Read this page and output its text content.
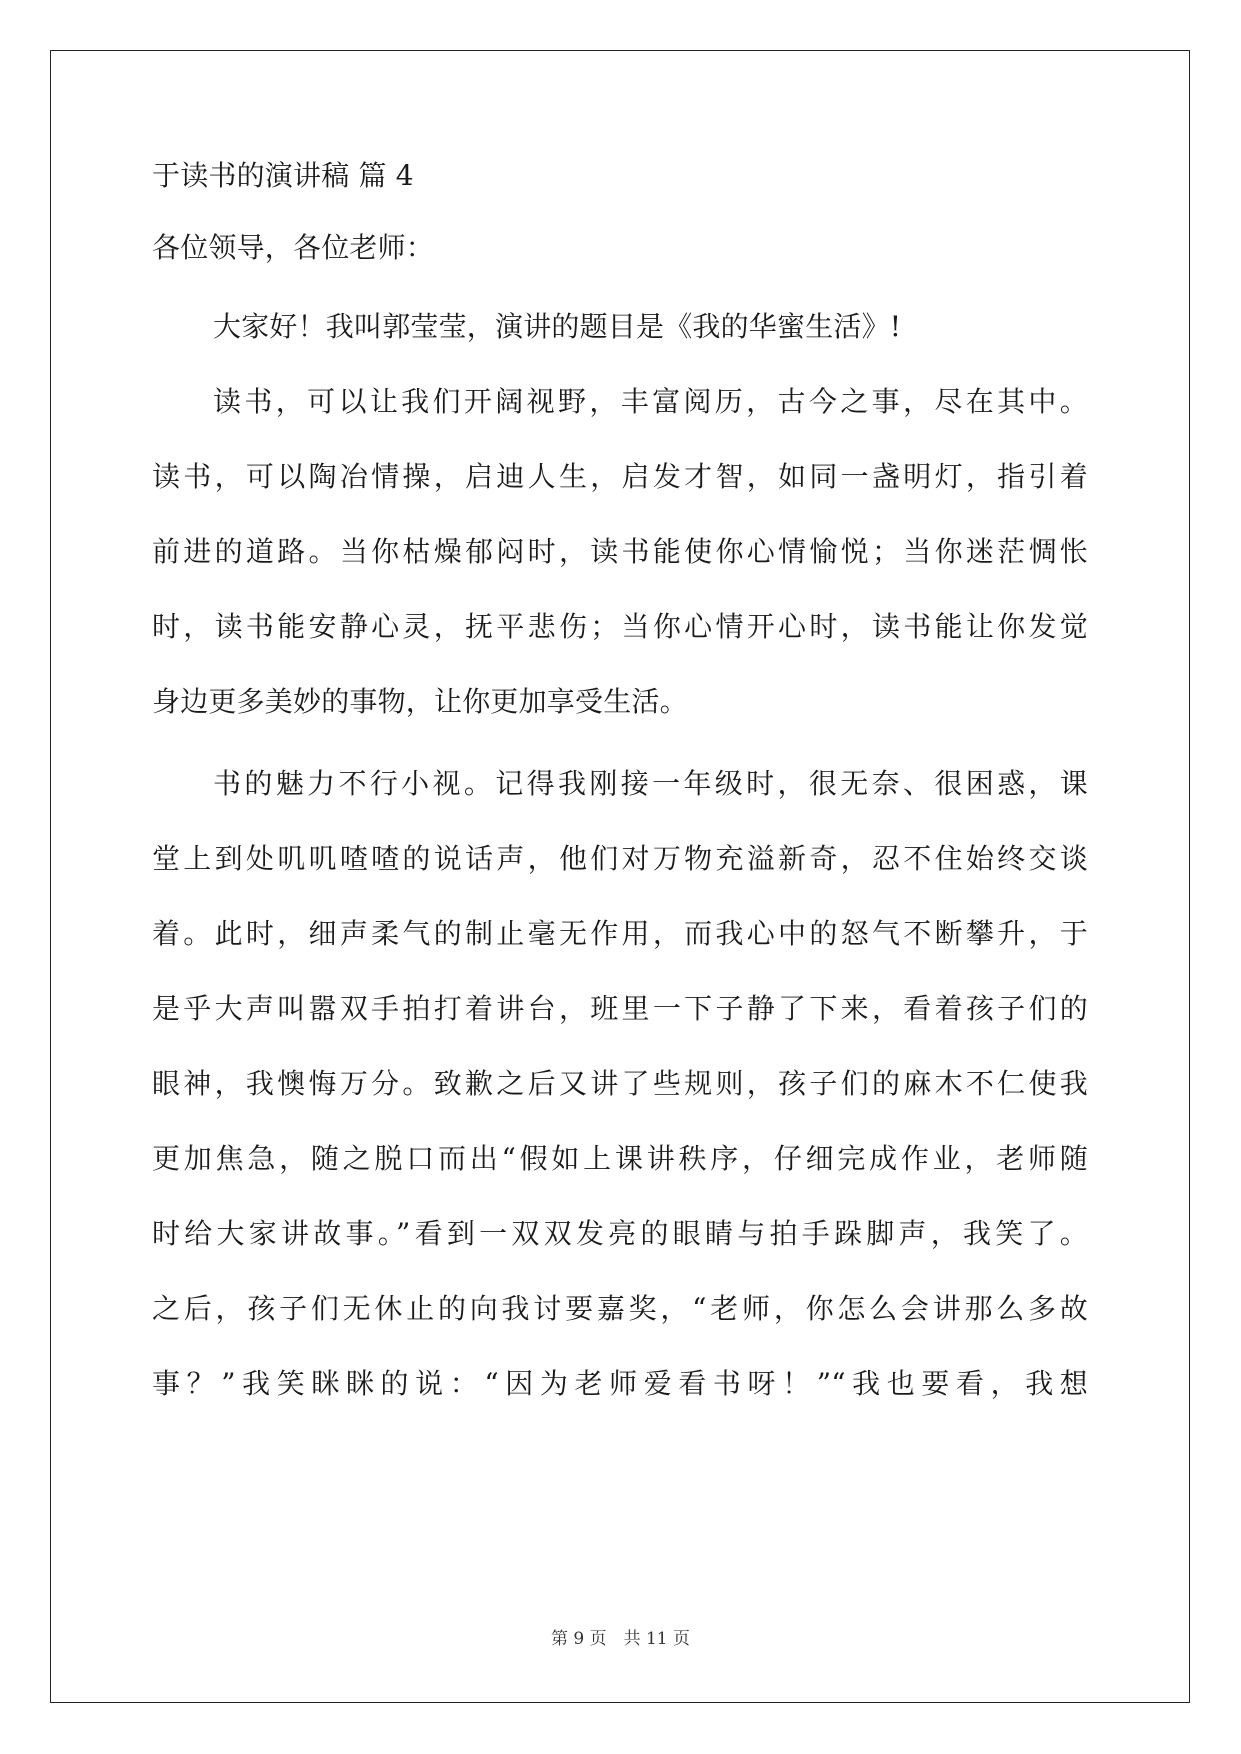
于读书的演讲稿 篇 4
各位领导，各位老师：
大家好！我叫郭莹莹，演讲的题目是《我的华蜜生活》!
读书，可以让我们开阔视野，丰富阅历，古今之事，尽在其中。
读书，可以陶冶情操，启迪人生，启发才智，如同一盏明灯，指引着
前进的道路。当你枯燥郁闷时，读书能使你心情愉悦；当你迷茫惆怅
时，读书能安静心灵，抚平悲伤；当你心情开心时，读书能让你发觉
身边更多美妙的事物，让你更加享受生活。
书的魅力不行小视。记得我刚接一年级时，很无奈、很困惑，课
堂上到处叽叽喳喳的说话声，他们对万物充溢新奇，忍不住始终交谈
着。此时，细声柔气的制止毫无作用，而我心中的怒气不断攀升，于
是乎大声叫嚣双手拍打着讲台，班里一下子静了下来，看着孩子们的
眼神，我懊悔万分。致歉之后又讲了些规则，孩子们的麻木不仁使我
更加焦急，随之脱口而出“假如上课讲秩序，仔细完成作业，老师随
时给大家讲故事。”看到一双双发亮的眼睛与拍手跺脚声，我笑了。
之后，孩子们无休止的向我讨要嘉奖，“老师，你怎么会讲那么多故
事？”我笑眯眯的说：“因为老师爱看书呀！”“我也要看，我想
第 9 页　共 11 页
